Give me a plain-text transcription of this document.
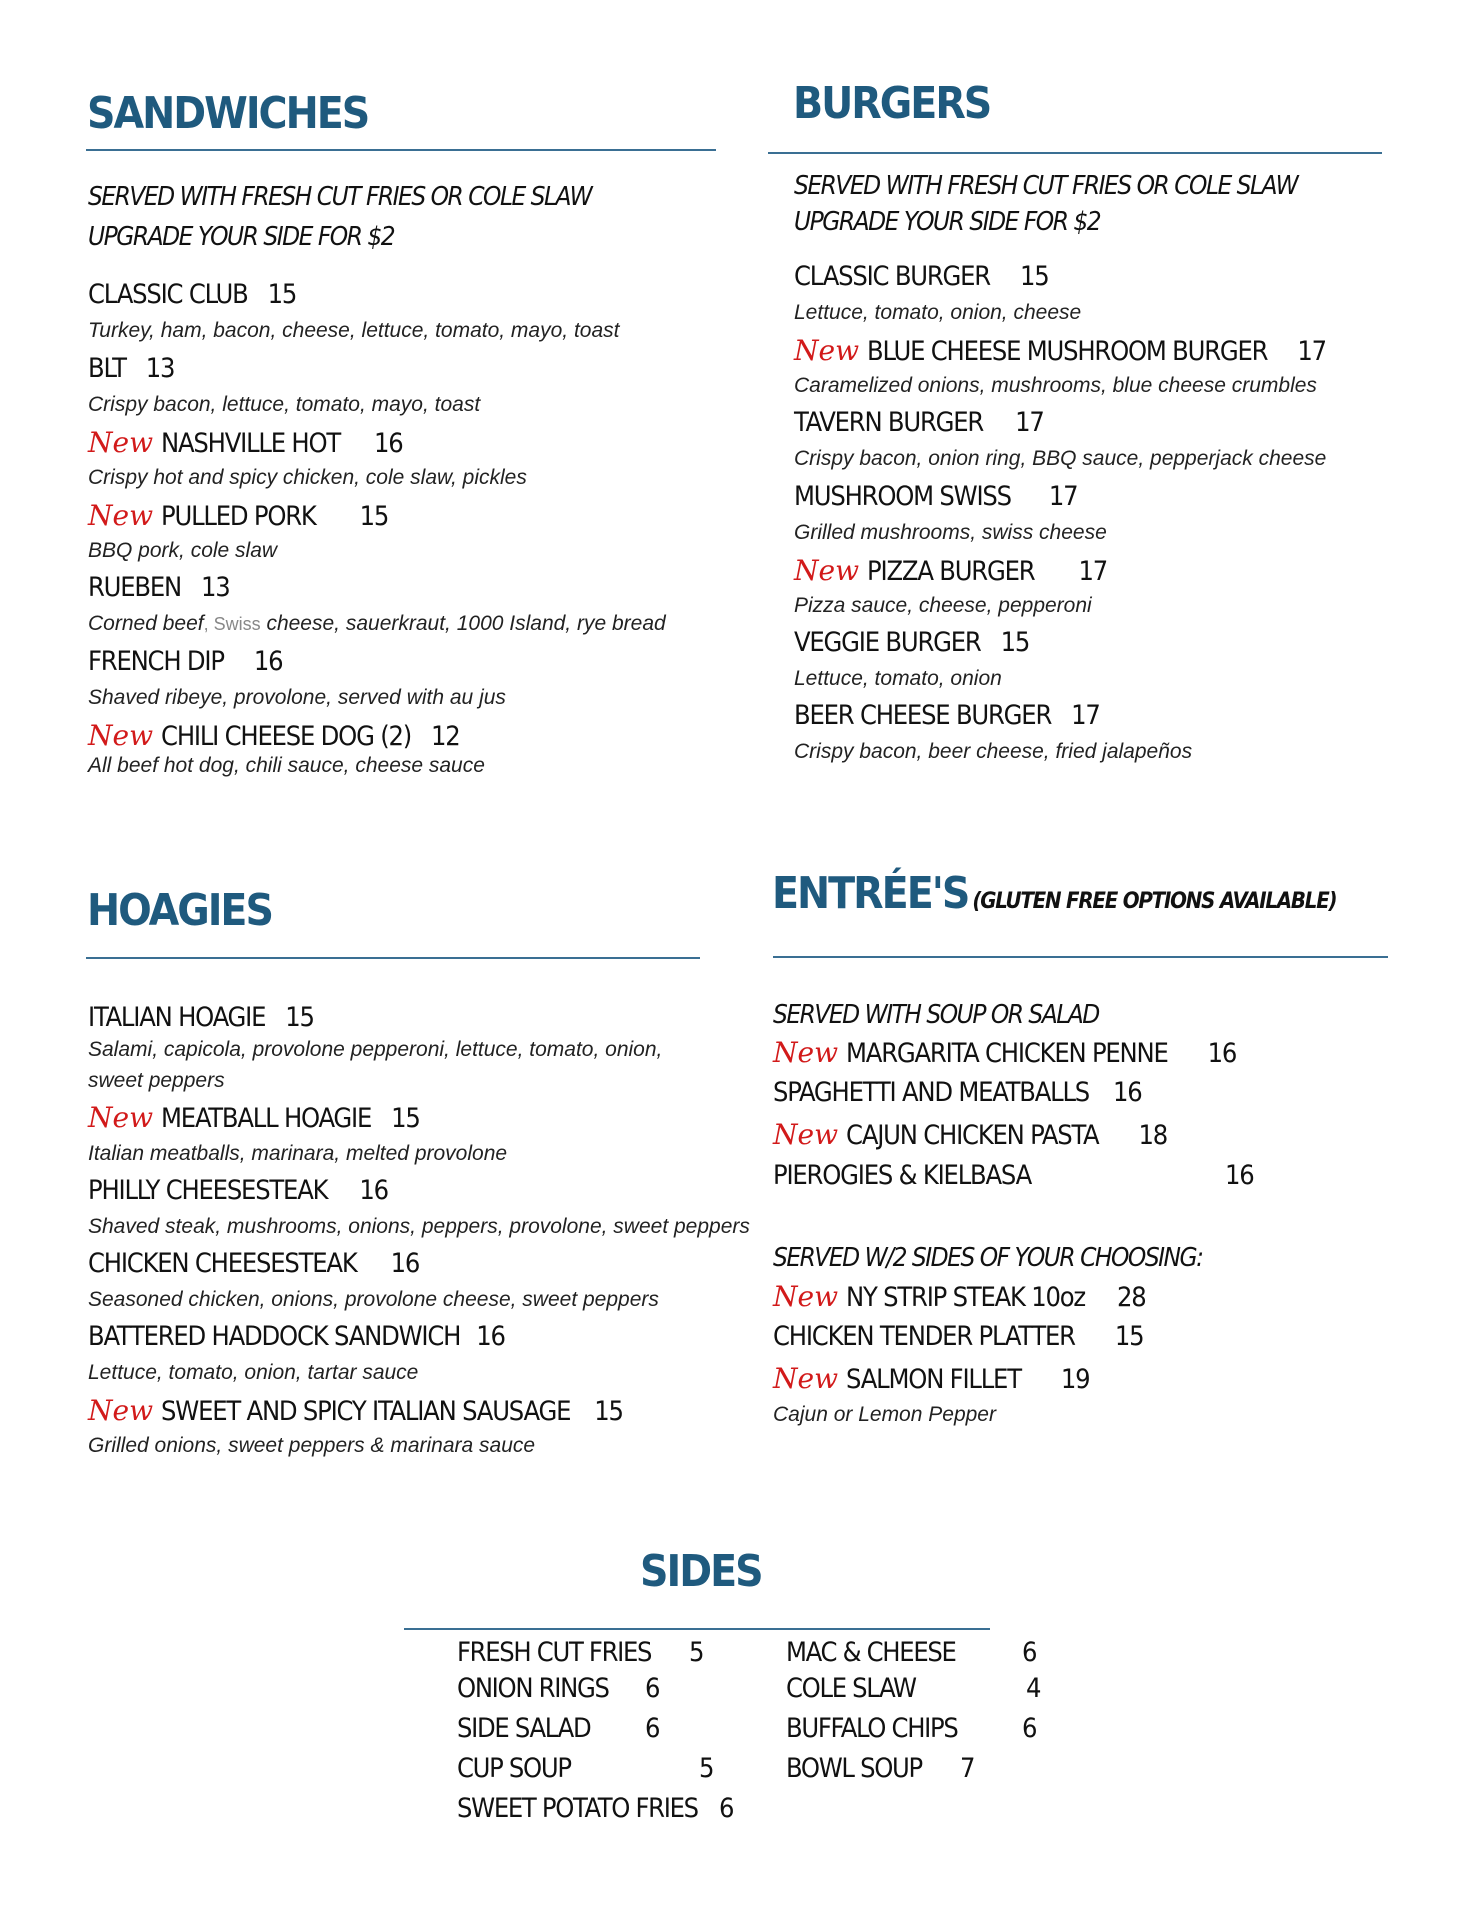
SANDWICHES

SERVED WITH FRESH CUT FRIES OR COLE SLAW

UPGRADE YOUR SIDE FOR $2

CLASSIC CLUB 15
Turkey, ham, bacon, cheese, lettuce, tomato, mayo, toast
BLT 13
Crispy bacon, lettuce, tomato, mayo, toast
New NASHVILLE HOT 16
Crispy hot and spicy chicken, cole slaw, pickles
New PULLED PORK 15
BBQ pork, cole slaw
RUEBEN 13
Corned beef, Swiss cheese, sauerkraut, 1000 Island, rye bread
FRENCH DIP 16
Shaved ribeye, provolone, served with au jus
New CHILI CHEESE DOG (2) 12
All beef hot dog, chili sauce, cheese sauce
BURGERS

SERVED WITH FRESH CUT FRIES OR COLE SLAW

UPGRADE YOUR SIDE FOR $2

CLASSIC BURGER 15
Lettuce, tomato, onion, cheese
New BLUE CHEESE MUSHROOM BURGER 17
Caramelized onions, mushrooms, blue cheese crumbles
TAVERN BURGER 17
Crispy bacon, onion ring, BBQ sauce, pepperjack cheese
MUSHROOM SWISS 17
Grilled mushrooms, swiss cheese
New PIZZA BURGER 17
Pizza sauce, cheese, pepperoni
VEGGIE BURGER 15
Lettuce, tomato, onion
BEER CHEESE BURGER 17
Crispy bacon, beer cheese, fried jalapeños
HOAGIES
ITALIAN HOAGIE 15
Salami, capicola, provolone pepperoni, lettuce, tomato, onion,
sweet peppers
New MEATBALL HOAGIE 15
Italian meatballs, marinara, melted provolone
PHILLY CHEESESTEAK 16
Shaved steak, mushrooms, onions, peppers, provolone, sweet peppers
CHICKEN CHEESESTEAK 16
Seasoned chicken, onions, provolone cheese, sweet peppers
BATTERED HADDOCK SANDWICH 16
Lettuce, tomato, onion, tartar sauce
New SWEET AND SPICY ITALIAN SAUSAGE 15
Grilled onions, sweet peppers & marinara sauce
ENTRÉE'S (GLUTEN FREE OPTIONS AVAILABLE)

SERVED WITH SOUP OR SALAD

New MARGARITA CHICKEN PENNE 16
SPAGHETTI AND MEATBALLS 16
New CAJUN CHICKEN PASTA 18
PIEROGIES & KIELBASA	16

SERVED W/2 SIDES OF YOUR CHOOSING:

New NY STRIP STEAK 10oz 28
CHICKEN TENDER PLATTER 15
New SALMON FILLET 19
Cajun or Lemon Pepper
SIDES
FRESH CUT FRIES 5
ONION RINGS 6
SIDE SALAD 6
CUP SOUP	5
SWEET POTATO FRIES 6
MAC & CHEESE 6
COLE SLAW	4
BUFFALO CHIPS 6
BOWL SOUP 7
